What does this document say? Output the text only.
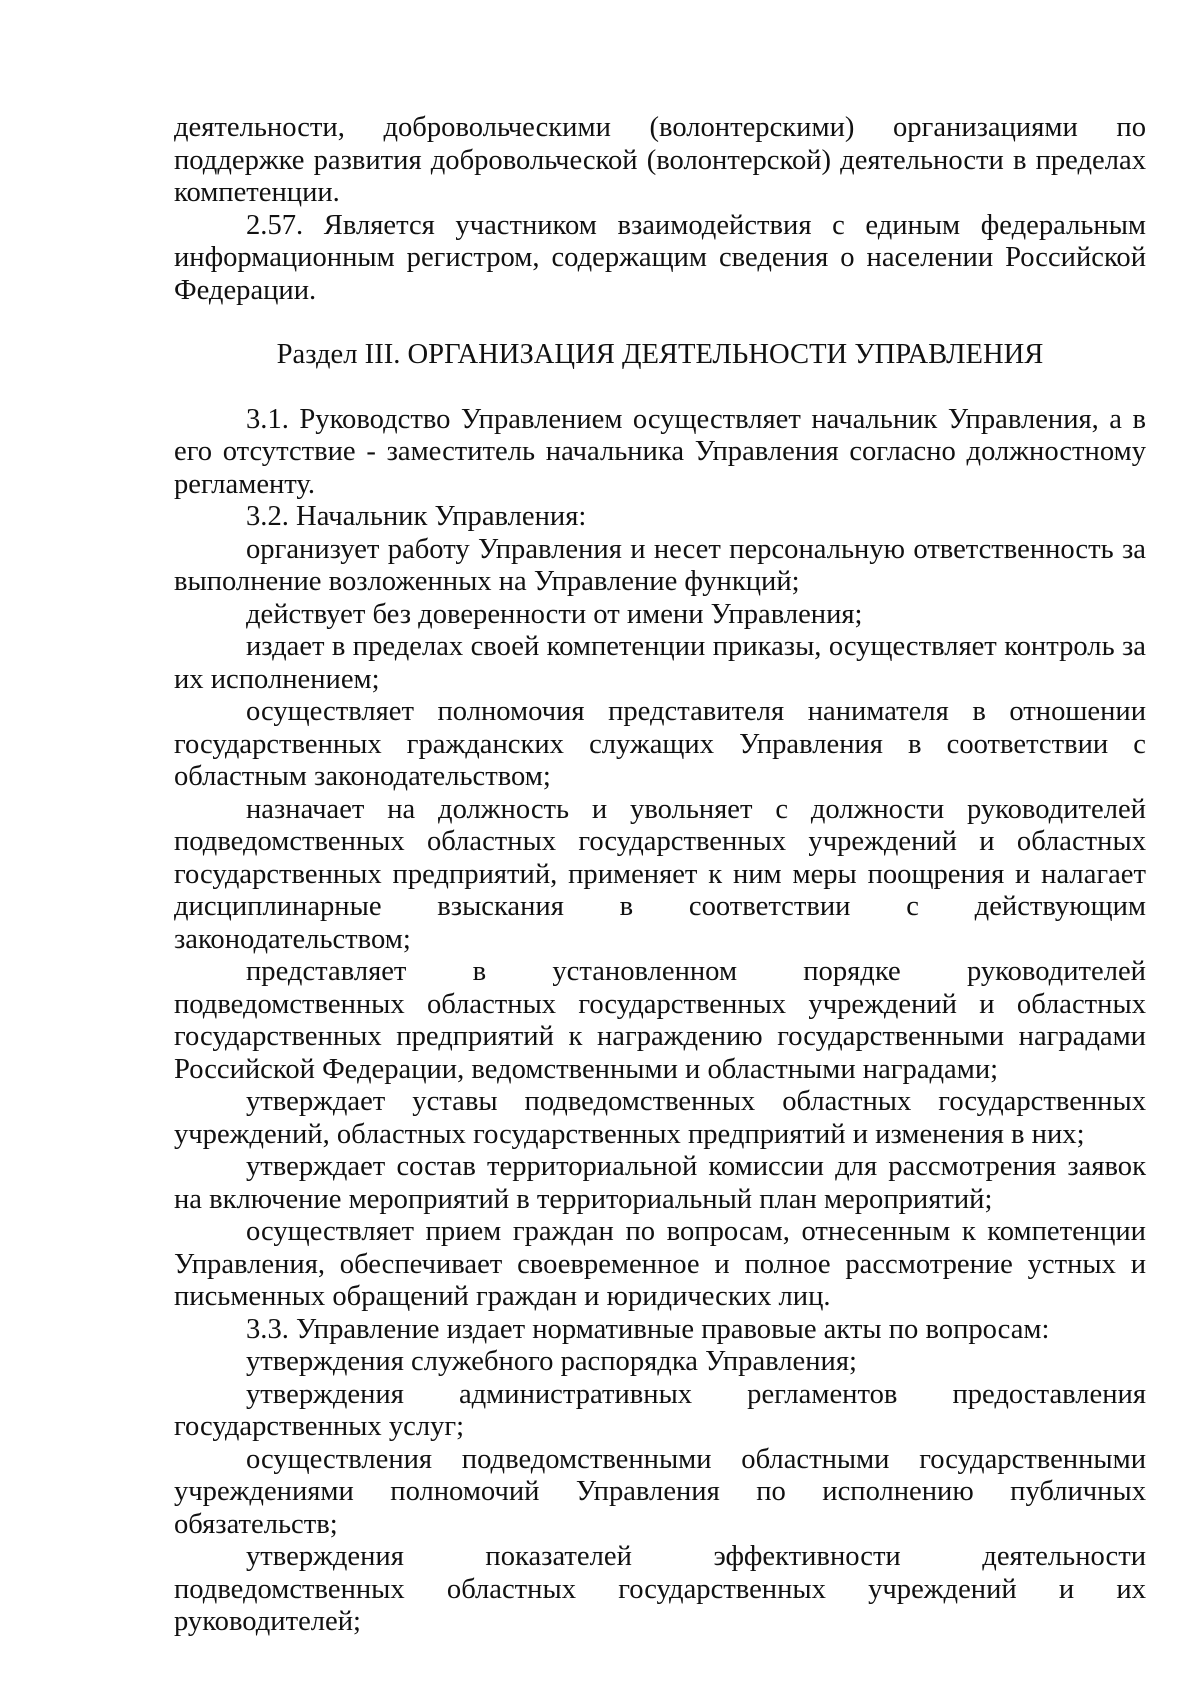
деятельности, добровольческими (волонтерскими) организациями по поддержке развития добровольческой (волонтерской) деятельности в пределах компетенции.

2.57. Является участником взаимодействия с единым федеральным информационным регистром, содержащим сведения о населении Российской Федерации.

Раздел III. ОРГАНИЗАЦИЯ ДЕЯТЕЛЬНОСТИ УПРАВЛЕНИЯ

3.1. Руководство Управлением осуществляет начальник Управления, а в его отсутствие - заместитель начальника Управления согласно должностному регламенту.

3.2. Начальник Управления:

организует работу Управления и несет персональную ответственность за выполнение возложенных на Управление функций;

действует без доверенности от имени Управления;

издает в пределах своей компетенции приказы, осуществляет контроль за их исполнением;

осуществляет полномочия представителя нанимателя в отношении государственных гражданских служащих Управления в соответствии с областным законодательством;

назначает на должность и увольняет с должности руководителей подведомственных областных государственных учреждений и областных государственных предприятий, применяет к ним меры поощрения и налагает дисциплинарные взыскания в соответствии с действующим законодательством;

представляет в установленном порядке руководителей подведомственных областных государственных учреждений и областных государственных предприятий к награждению государственными наградами Российской Федерации, ведомственными и областными наградами;

утверждает уставы подведомственных областных государственных учреждений, областных государственных предприятий и изменения в них;

утверждает состав территориальной комиссии для рассмотрения заявок на включение мероприятий в территориальный план мероприятий;

осуществляет прием граждан по вопросам, отнесенным к компетенции Управления, обеспечивает своевременное и полное рассмотрение устных и письменных обращений граждан и юридических лиц.

3.3. Управление издает нормативные правовые акты по вопросам:

утверждения служебного распорядка Управления;

утверждения административных регламентов предоставления государственных услуг;

осуществления подведомственными областными государственными учреждениями полномочий Управления по исполнению публичных обязательств;

утверждения показателей эффективности деятельности подведомственных областных государственных учреждений и их руководителей;
